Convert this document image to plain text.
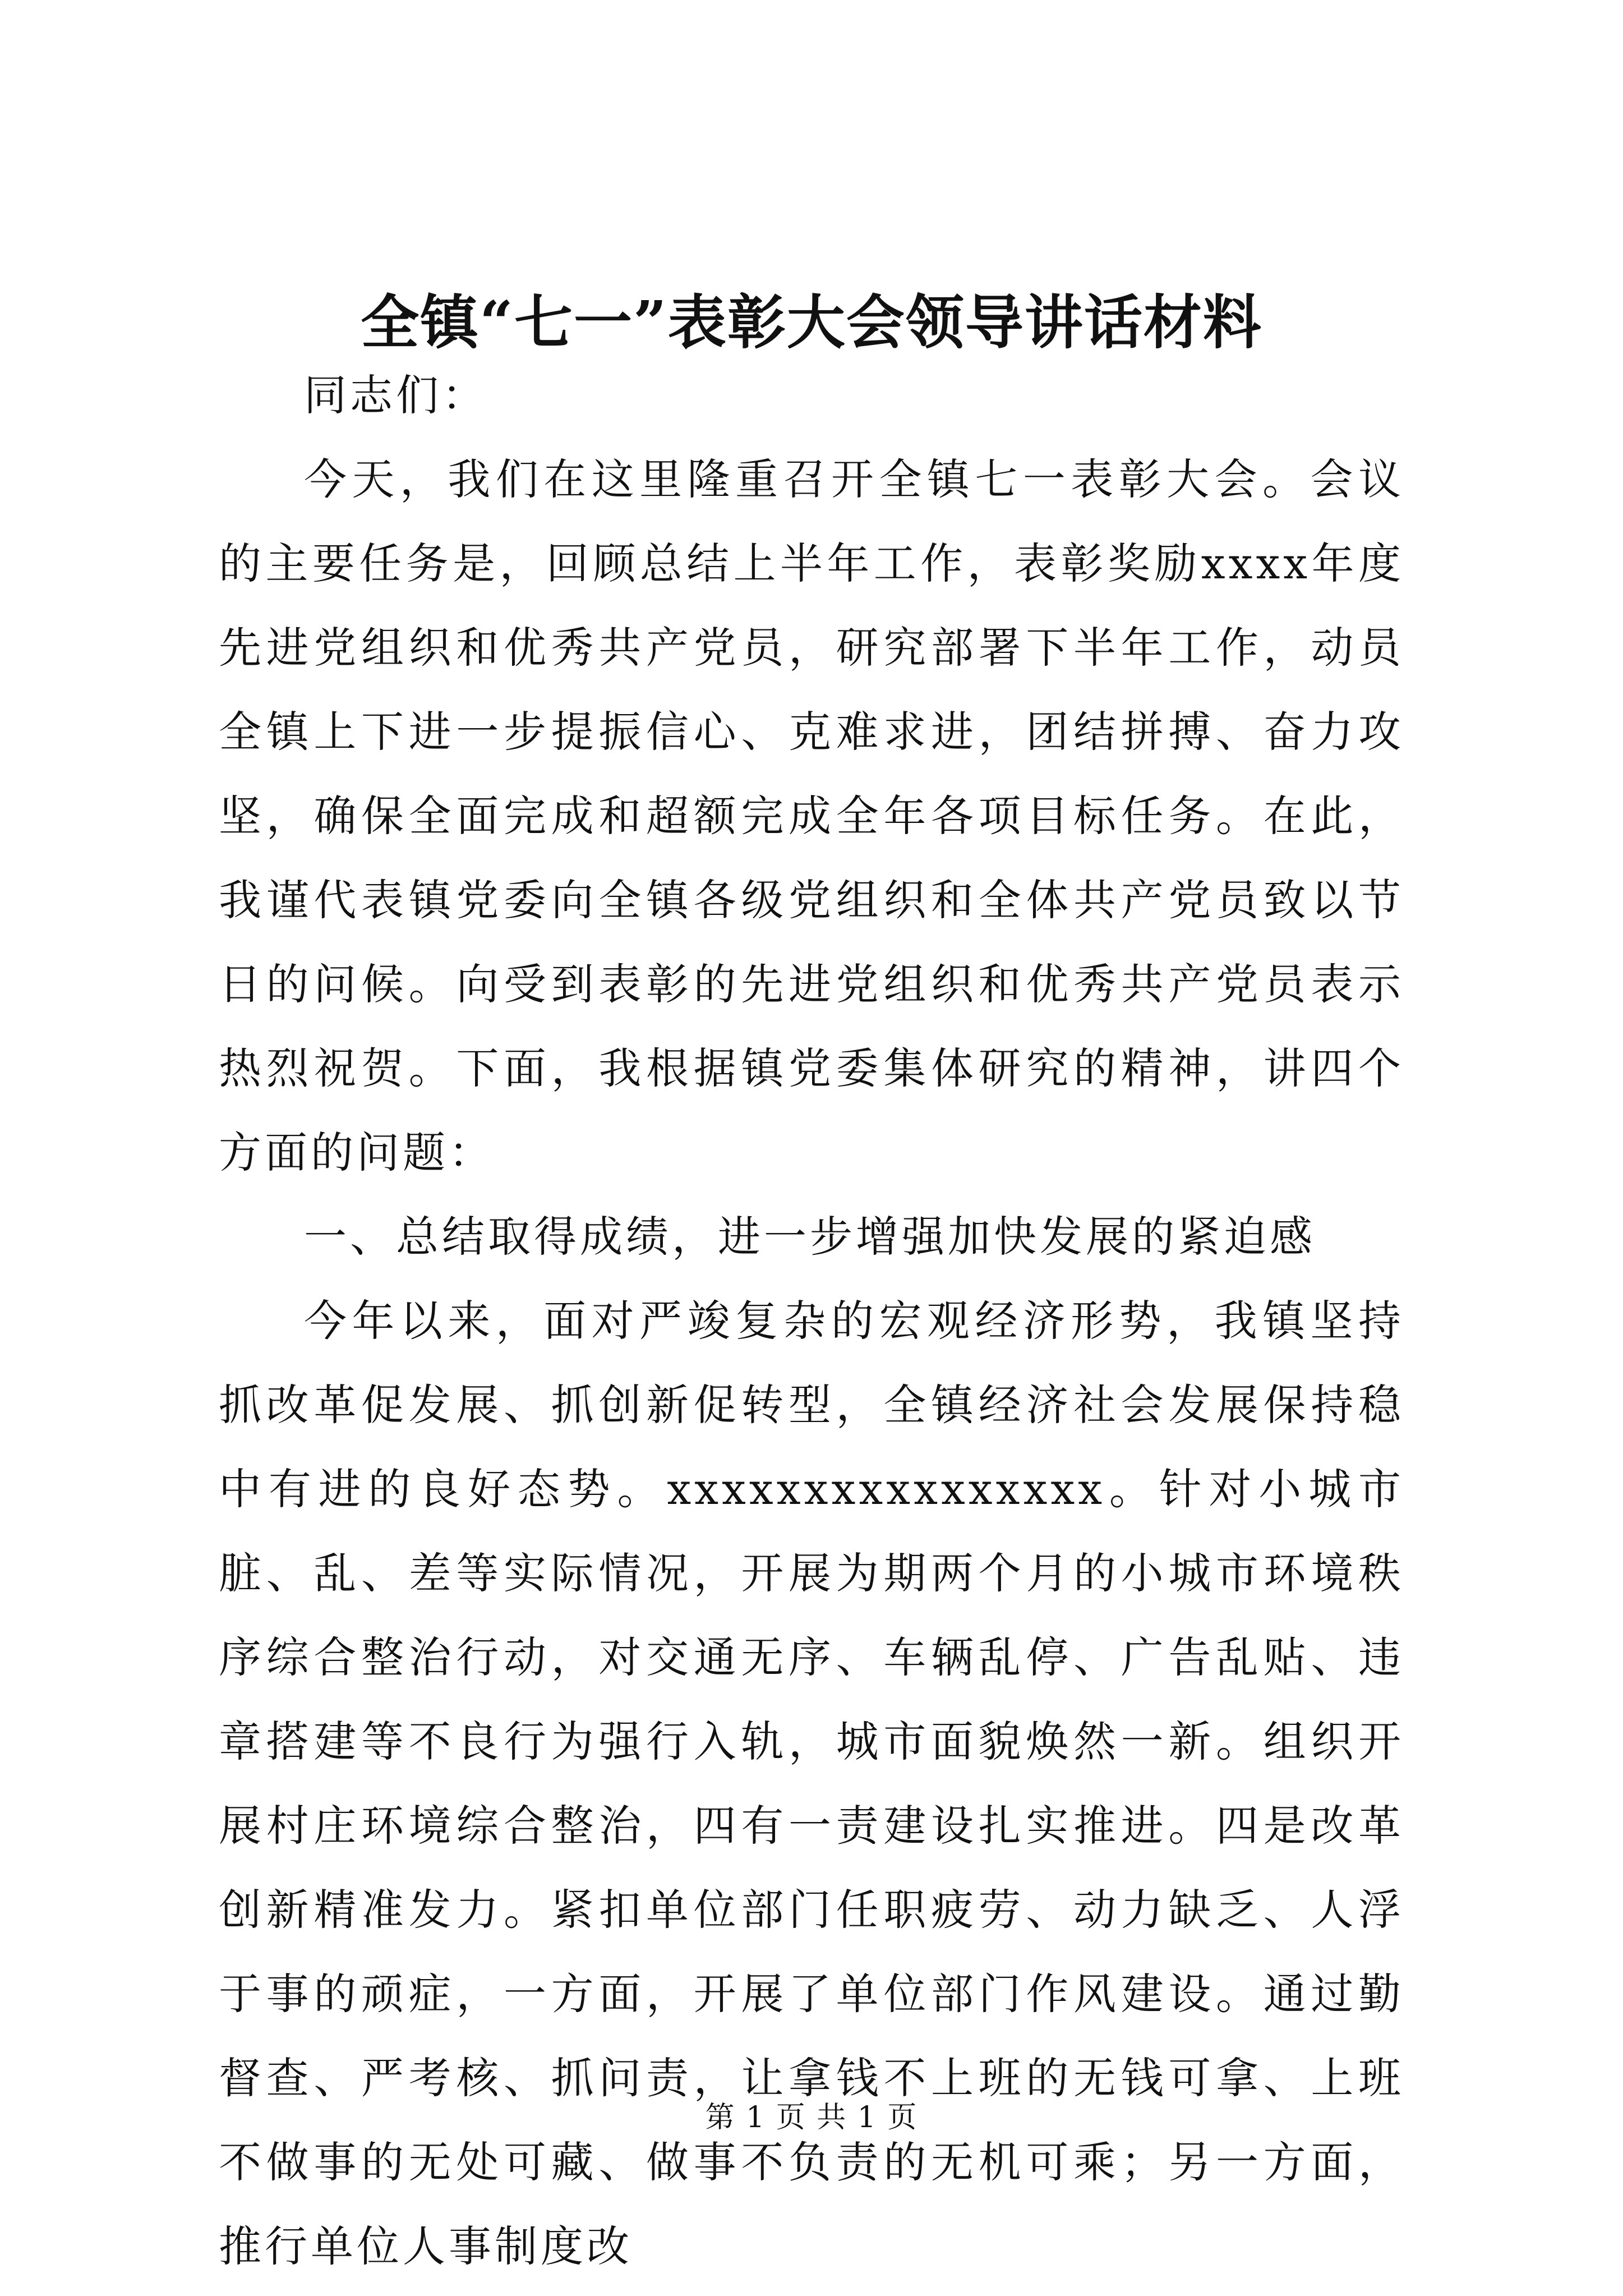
全镇“七一”表彰大会领导讲话材料

同志们：

今天，我们在这里隆重召开全镇七一表彰大会。会议的主要任务是，回顾总结上半年工作，表彰奖励xxxx年度先进党组织和优秀共产党员，研究部署下半年工作，动员全镇上下进一步提振信心、克难求进，团结拼搏、奋力攻坚，确保全面完成和超额完成全年各项目标任务。在此，我谨代表镇党委向全镇各级党组织和全体共产党员致以节日的问候。向受到表彰的先进党组织和优秀共产党员表示热烈祝贺。下面，我根据镇党委集体研究的精神，讲四个方面的问题：

一、总结取得成绩，进一步增强加快发展的紧迫感

今年以来，面对严竣复杂的宏观经济形势，我镇坚持抓改革促发展、抓创新促转型，全镇经济社会发展保持稳中有进的良好态势。xxxxxxxxxxxxxxxx。针对小城市脏、乱、差等实际情况，开展为期两个月的小城市环境秩序综合整治行动，对交通无序、车辆乱停、广告乱贴、违章搭建等不良行为强行入轨，城市面貌焕然一新。组织开展村庄环境综合整治，四有一责建设扎实推进。四是改革创新精准发力。紧扣单位部门任职疲劳、动力缺乏、人浮于事的顽症，一方面，开展了单位部门作风建设。通过勤督查、严考核、抓问责，让拿钱不上班的无钱可拿、上班不做事的无处可藏、做事不负责的无机可乘；另一方面，推行单位人事制度改

第 1 页 共 1 页
